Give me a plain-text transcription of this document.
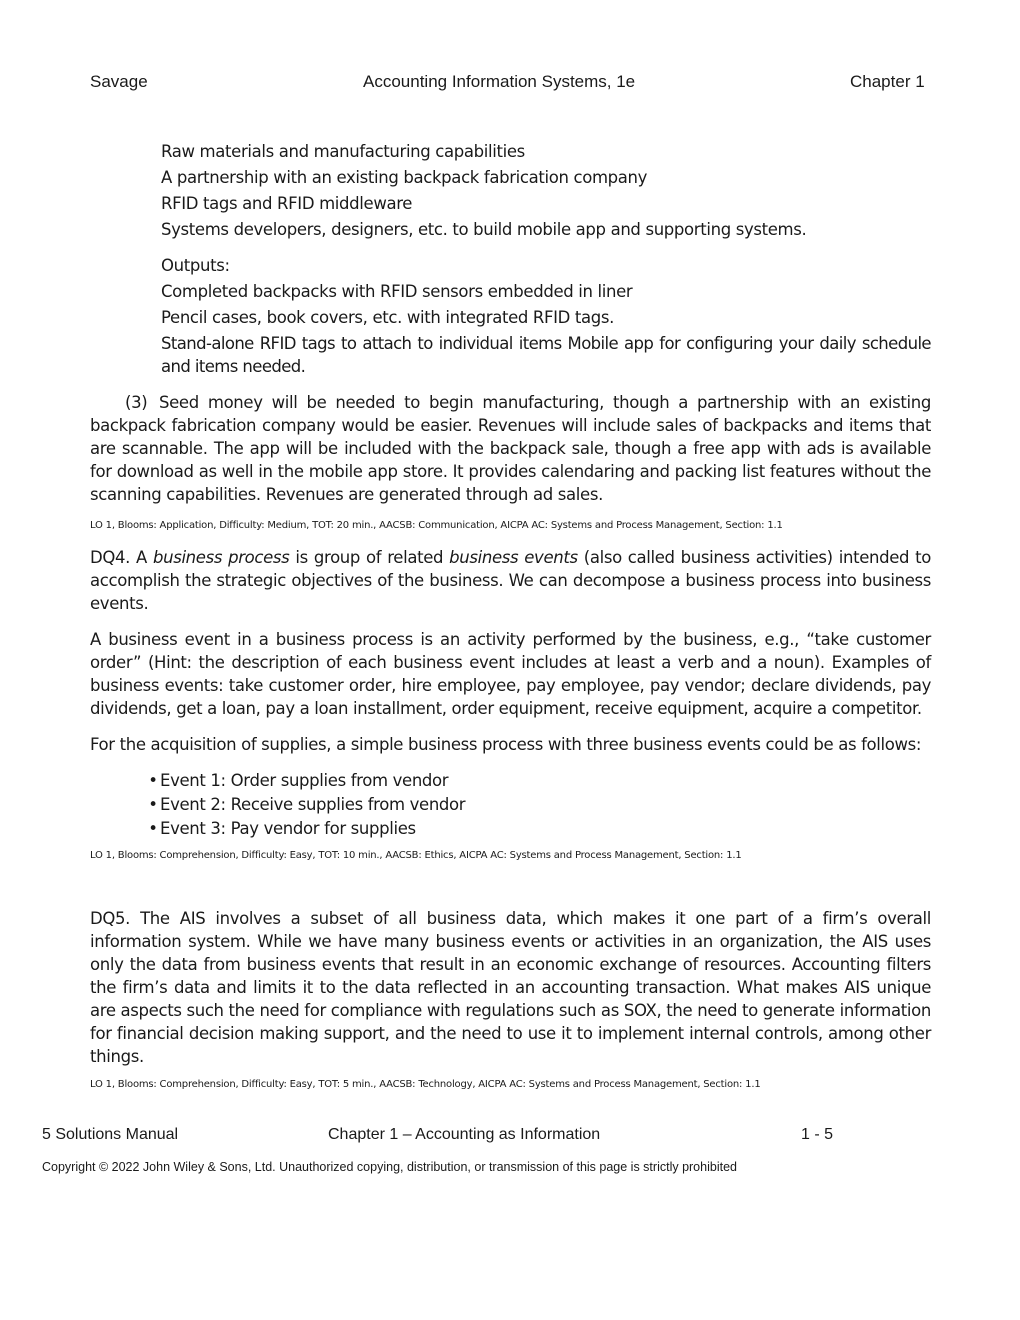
Savage	Accounting Information Systems, 1e	Chapter 1

Raw materials and manufacturing capabilities

A partnership with an existing backpack fabrication company

RFID tags and RFID middleware

Systems developers, designers, etc. to build mobile app and supporting systems.

Outputs:

Completed backpacks with RFID sensors embedded in liner

Pencil cases, book covers, etc. with integrated RFID tags.

Stand-alone RFID tags to attach to individual items Mobile app for configuring your daily schedule and items needed.

(3) Seed money will be needed to begin manufacturing, though a partnership with an existing backpack fabrication company would be easier. Revenues will include sales of backpacks and items that are scannable. The app will be included with the backpack sale, though a free app with ads is available for download as well in the mobile app store. It provides calendaring and packing list features without the scanning capabilities. Revenues are generated through ad sales.

LO 1, Blooms: Application, Difficulty: Medium, TOT: 20 min., AACSB: Communication, AICPA AC: Systems and Process Management, Section: 1.1

DQ4. A business process is group of related business events (also called business activities) intended to accomplish the strategic objectives of the business. We can decompose a business process into business events.

A business event in a business process is an activity performed by the business, e.g., “take customer order” (Hint: the description of each business event includes at least a verb and a noun). Examples of business events: take customer order, hire employee, pay employee, pay vendor; declare dividends, pay dividends, get a loan, pay a loan installment, order equipment, receive equipment, acquire a competitor.

For the acquisition of supplies, a simple business process with three business events could be as follows:

• Event 1: Order supplies from vendor

• Event 2: Receive supplies from vendor

• Event 3: Pay vendor for supplies

LO 1, Blooms: Comprehension, Difficulty: Easy, TOT: 10 min., AACSB: Ethics, AICPA AC: Systems and Process Management, Section: 1.1

DQ5. The AIS involves a subset of all business data, which makes it one part of a firm’s overall information system. While we have many business events or activities in an organization, the AIS uses only the data from business events that result in an economic exchange of resources. Accounting filters the firm’s data and limits it to the data reflected in an accounting transaction. What makes AIS unique are aspects such the need for compliance with regulations such as SOX, the need to generate information for financial decision making support, and the need to use it to implement internal controls, among other things.

LO 1, Blooms: Comprehension, Difficulty: Easy, TOT: 5 min., AACSB: Technology, AICPA AC: Systems and Process Management, Section: 1.1

5 Solutions Manual	Chapter 1 – Accounting as Information	1 - 5
Copyright © 2022 John Wiley & Sons, Ltd. Unauthorized copying, distribution, or transmission of this page is strictly prohibited
